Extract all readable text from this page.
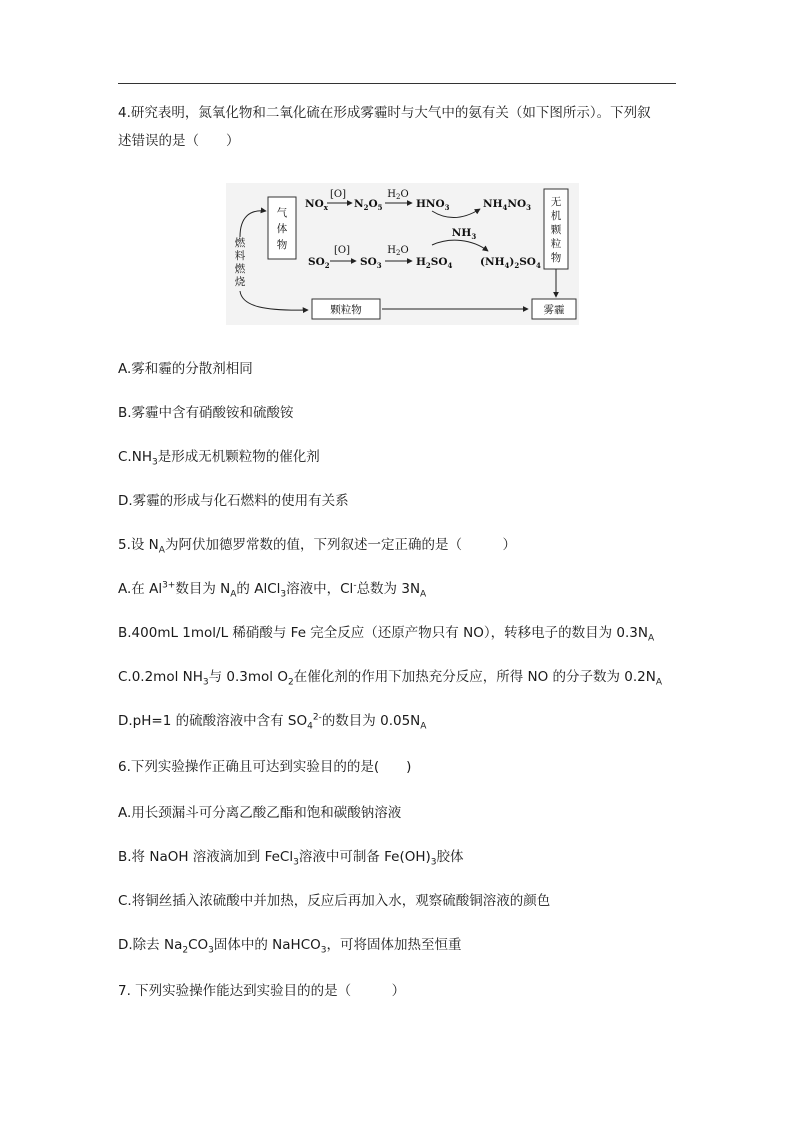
4.研究表明，氮氧化物和二氧化硫在形成雾霾时与大气中的氨有关（如下图所示）。下列叙
述错误的是（　　）
气
体
物
燃
料
燃
烧
$NO_x$
[O]
$N_2O_5$
$H_2O$
$HNO_3$	$NH_4NO_3$
$NH_3$
$SO_2$
[O]
$SO_3$
$H_2O$
$H_2SO_4$	$(NH_4)_2SO_4$
无
机
颗
粒
物
颗粒物	雾霾
A.雾和霾的分散剂相同
B.雾霾中含有硝酸铵和硫酸铵
$C.NH_3$是形成无机颗粒物的催化剂
D.雾霾的形成与化石燃料的使用有关系
5.设 $N_A$为阿伏加德罗常数的值，下列叙述一定正确的是（　　　）
A.在 $Al^{3+}$数目为 $N_A$的 AlCl$_3$溶液中，Cl-总数为 $3N_A$
B.400mL 1mol/L 稀硝酸与 Fe 完全反应（还原产物只有 NO），转移电子的数目为 $0.3N_A$
C.0.2mol $NH_3$与 0.3mol $O_2$在催化剂的作用下加热充分反应，所得 NO 的分子数为 $0.2N_A$
D.pH=1 的硫酸溶液中含有 $SO_4^{2-}$的数目为 $0.05N_A$
6.下列实验操作正确且可达到实验目的的是(　　)
A.用长颈漏斗可分离乙酸乙酯和饱和碳酸钠溶液
B.将 NaOH 溶液滴加到 FeCl$_3$溶液中可制备 $Fe(OH)_3$胶体
C.将铜丝插入浓硫酸中并加热，反应后再加入水，观察硫酸铜溶液的颜色
D.除去 $Na_2CO_3$固体中的 NaHCO$_3$，可将固体加热至恒重
7. 下列实验操作能达到实验目的的是（　　　）
